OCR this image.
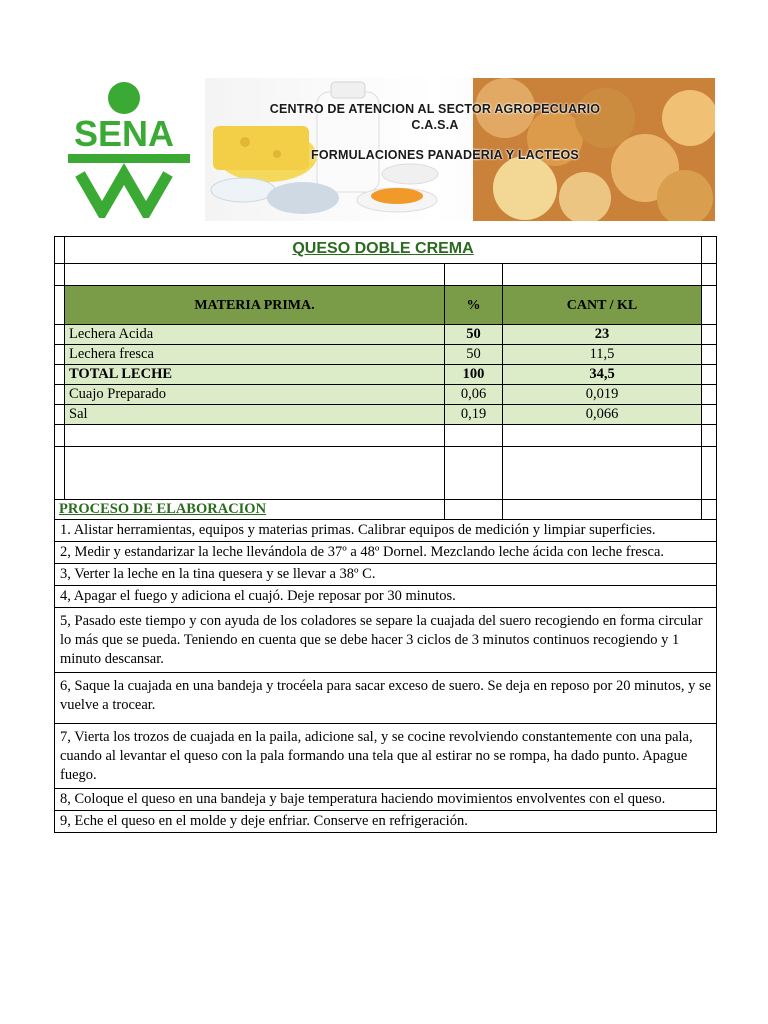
SENA
CENTRO DE ATENCION AL SECTOR AGROPECUARIO
C.A.S.A
FORMULACIONES PANADERIA Y LACTEOS
	QUESO DOBLE CREMA			

	MATERIA PRIMA.	%	CANT / KL	
	Lechera Acida	50	23	
	Lechera fresca	50	11,5	
	TOTAL LECHE	100	34,5	
	Cuajo Preparado	0,06	0,019	
	Sal	0,19	0,066	

PROCESO DE ELABORACION				
1. Alistar herramientas, equipos y materias primas. Calibrar equipos de medición y limpiar superficies.				
2, Medir y estandarizar la leche llevándola de 37º a 48º Dornel. Mezclando leche ácida con leche fresca.				
3, Verter la leche en la tina quesera y se llevar a 38º C.				
4, Apagar el fuego y adiciona el cuajó. Deje reposar por 30 minutos.				
5, Pasado este tiempo y con ayuda de los coladores se separe la cuajada del suero recogiendo en forma circular lo más que se pueda. Teniendo en cuenta que se debe hacer 3 ciclos de 3 minutos continuos recogiendo y 1 minuto descansar.				
6, Saque la cuajada en una bandeja y trocéela para sacar exceso de suero. Se deja en reposo por 20 minutos, y se vuelve a trocear.				
7, Vierta los trozos de cuajada en la paila, adicione sal, y se cocine revolviendo constantemente con una pala, cuando al levantar el queso con la pala formando una tela que al estirar no se rompa, ha dado punto. Apague fuego.				
8, Coloque el queso en una bandeja y baje temperatura haciendo movimientos envolventes con el queso.				
9, Eche el queso en el molde y deje enfriar. Conserve en refrigeración.				
